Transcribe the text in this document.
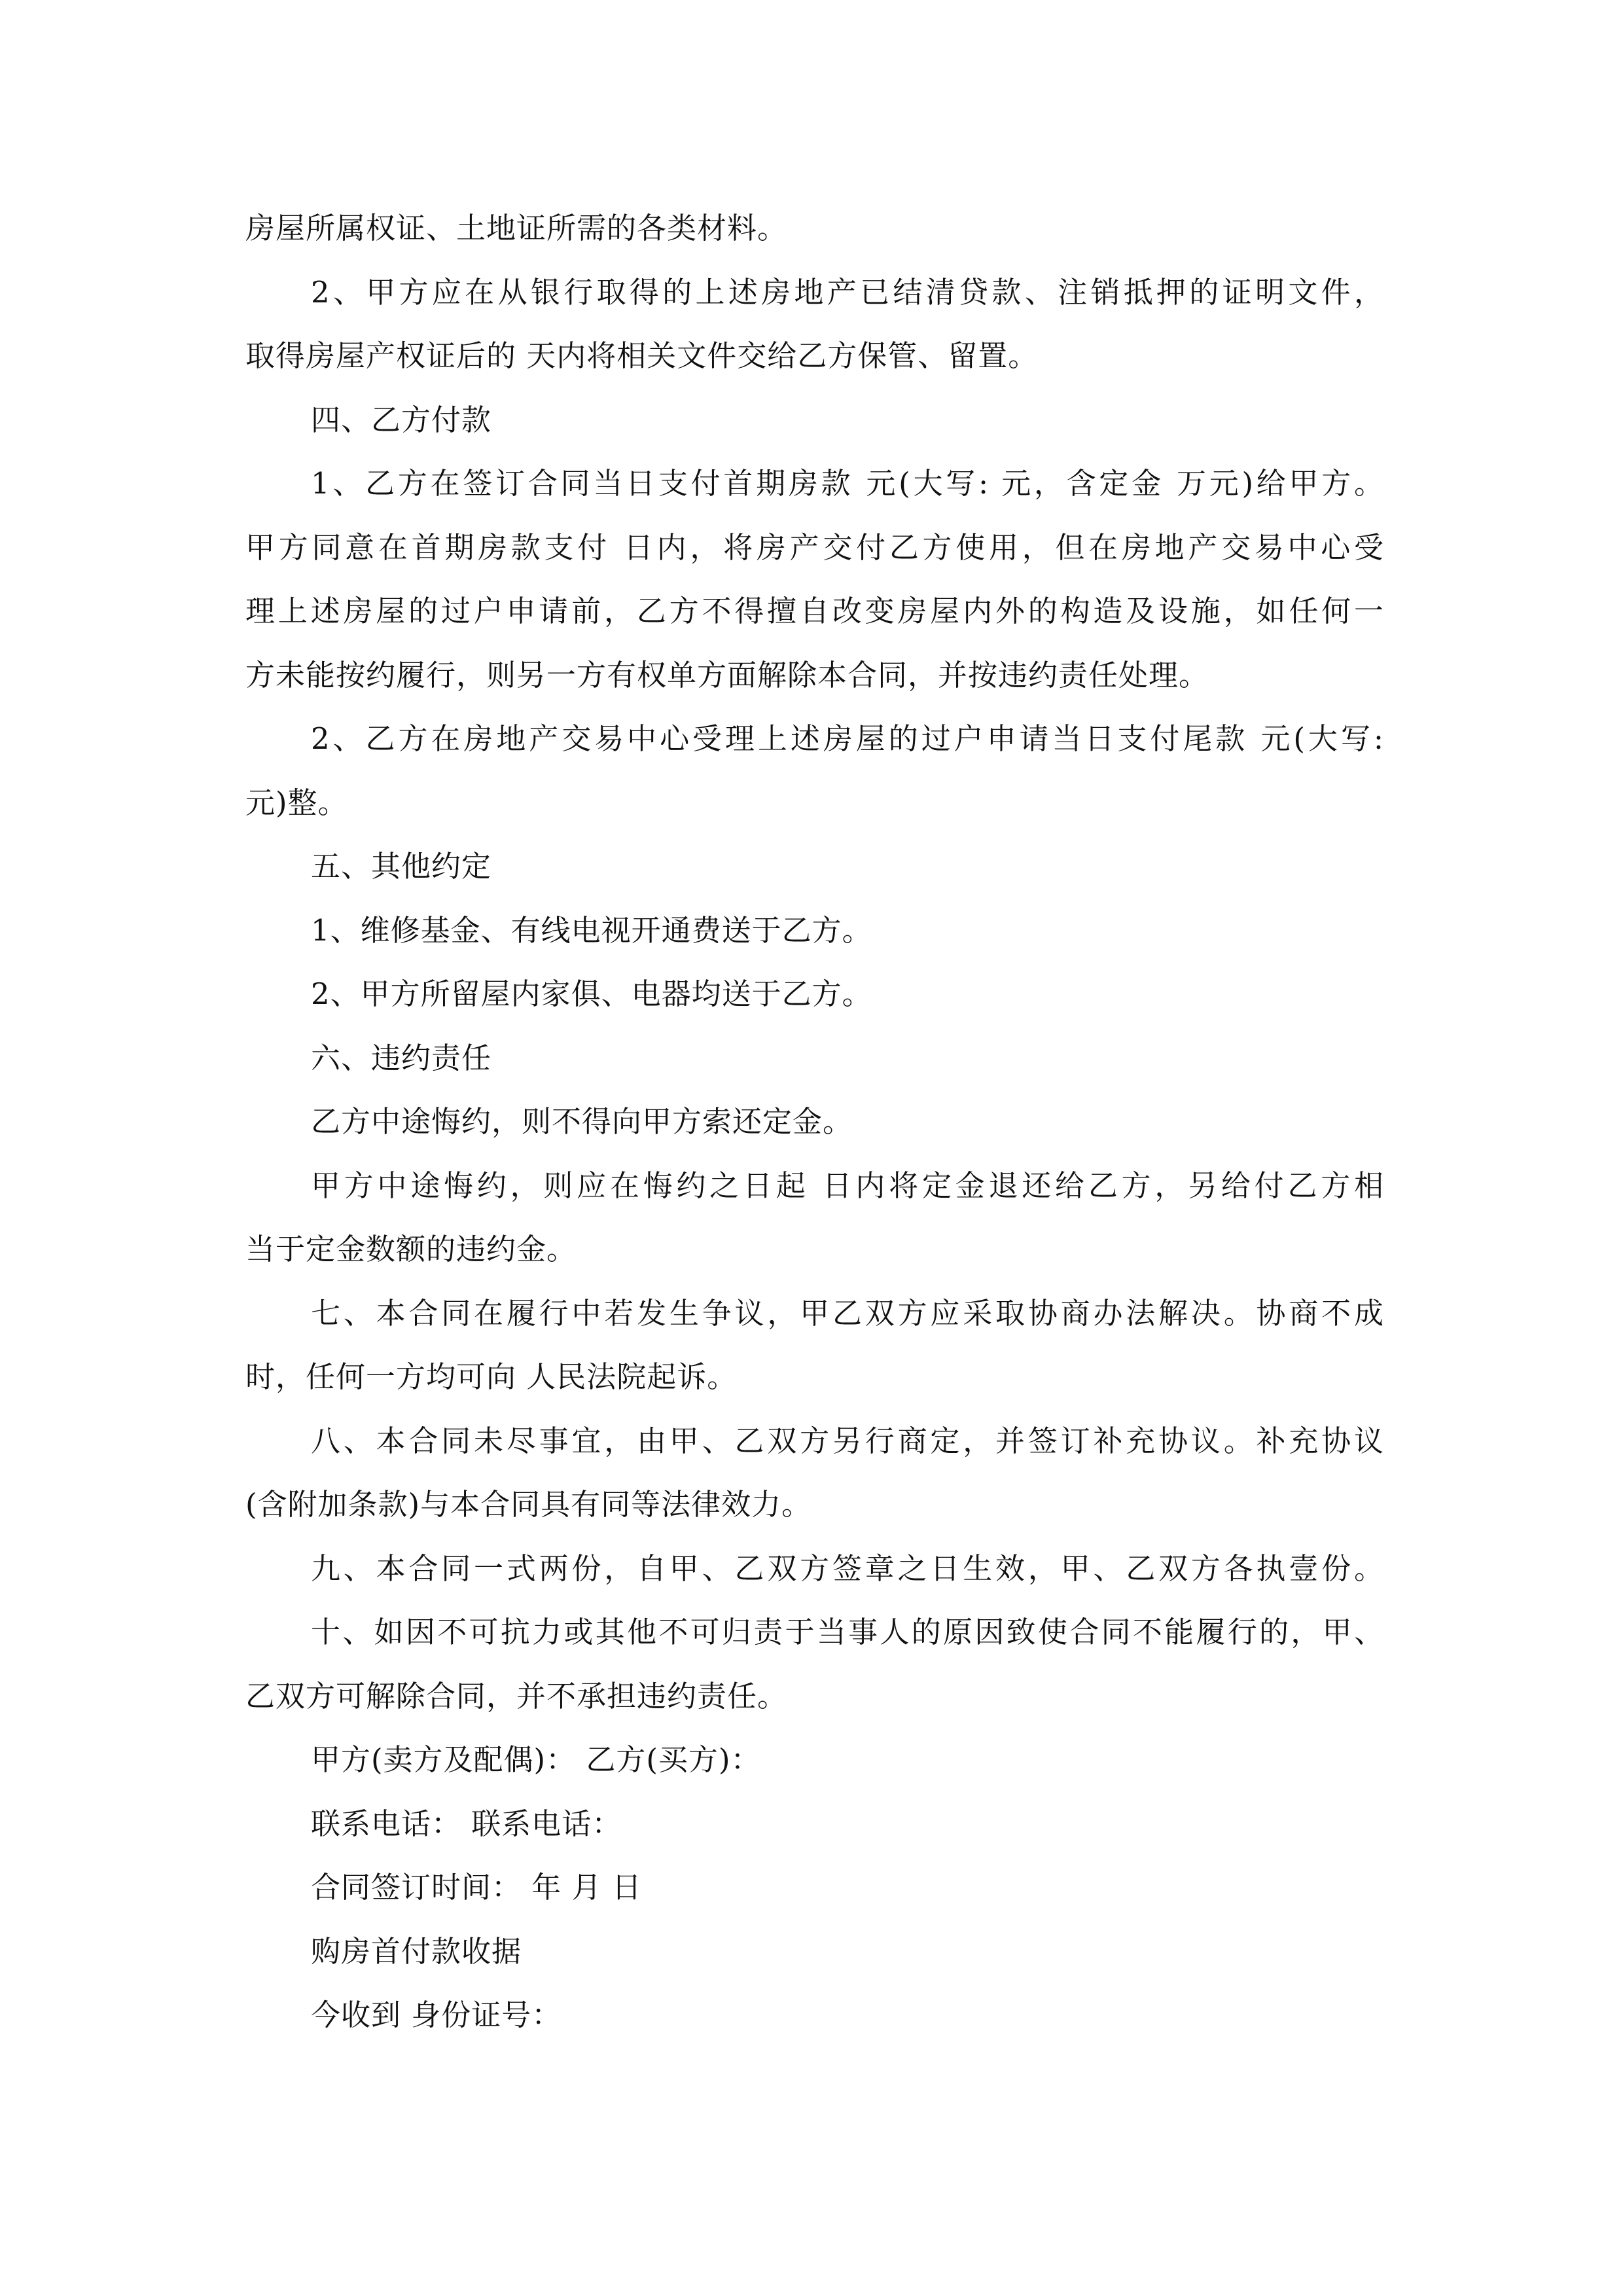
房屋所属权证、土地证所需的各类材料。
2、甲方应在从银行取得的上述房地产已结清贷款、注销抵押的证明文件，
取得房屋产权证后的 天内将相关文件交给乙方保管、留置。
四、乙方付款
1、乙方在签订合同当日支付首期房款 元(大写: 元，含定金 万元)给甲方。
甲方同意在首期房款支付 日内，将房产交付乙方使用，但在房地产交易中心受
理上述房屋的过户申请前，乙方不得擅自改变房屋内外的构造及设施，如任何一
方未能按约履行，则另一方有权单方面解除本合同，并按违约责任处理。
2、乙方在房地产交易中心受理上述房屋的过户申请当日支付尾款 元(大写:
元)整。
五、其他约定
1、维修基金、有线电视开通费送于乙方。
2、甲方所留屋内家俱、电器均送于乙方。
六、违约责任
乙方中途悔约，则不得向甲方索还定金。
甲方中途悔约，则应在悔约之日起 日内将定金退还给乙方，另给付乙方相
当于定金数额的违约金。
七、本合同在履行中若发生争议，甲乙双方应采取协商办法解决。协商不成
时，任何一方均可向 人民法院起诉。
八、本合同未尽事宜，由甲、乙双方另行商定，并签订补充协议。补充协议
(含附加条款)与本合同具有同等法律效力。
九、本合同一式两份，自甲、乙双方签章之日生效，甲、乙双方各执壹份。
十、如因不可抗力或其他不可归责于当事人的原因致使合同不能履行的，甲、
乙双方可解除合同，并不承担违约责任。
甲方(卖方及配偶)： 乙方(买方)：
联系电话： 联系电话：
合同签订时间： 年 月 日
购房首付款收据
今收到 身份证号：
